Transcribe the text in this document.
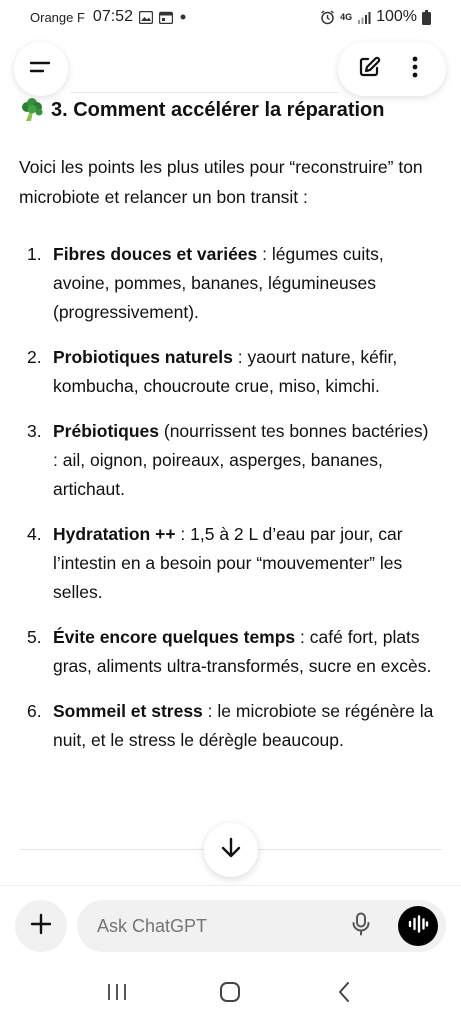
Orange F 07:52	4G 100%
3. Comment accélérer la réparation

Voici les points les plus utiles pour “reconstruire” ton microbiote et relancer un bon transit :

1. Fibres douces et variées : légumes cuits, avoine, pommes, bananes, légumineuses (progressivement).
2. Probiotiques naturels : yaourt nature, kéfir, kombucha, choucroute crue, miso, kimchi.
3. Prébiotiques (nourrissent tes bonnes bactéries) : ail, oignon, poireaux, asperges, bananes, artichaut.
4. Hydratation ++ : 1,5 à 2 L d’eau par jour, car l’intestin en a besoin pour “mouvementer” les selles.
5. Évite encore quelques temps : café fort, plats gras, aliments ultra-transformés, sucre en excès.
6. Sommeil et stress : le microbiote se régénère la nuit, et le stress le dérègle beaucoup.
Ask ChatGPT
